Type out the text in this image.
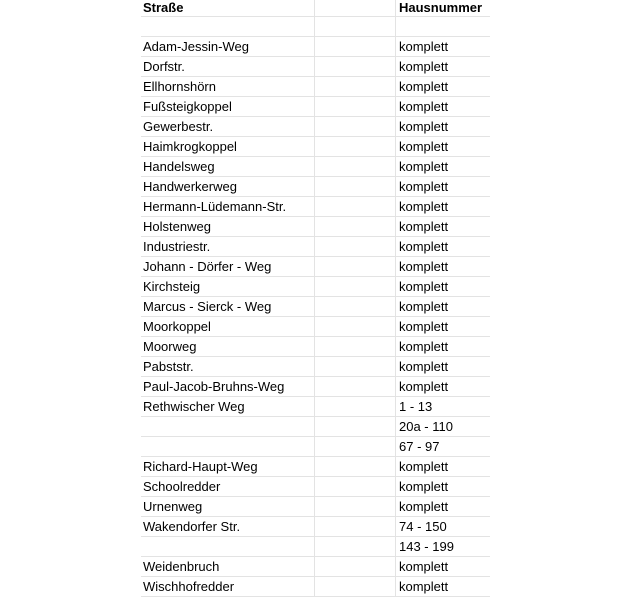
Straße	Hausnummer
Adam-Jessin-Weg	komplett
Dorfstr.	komplett
Ellhornshörn	komplett
Fußsteigkoppel	komplett
Gewerbestr.	komplett
Haimkrogkoppel	komplett
Handelsweg	komplett
Handwerkerweg	komplett
Hermann-Lüdemann-Str.	komplett
Holstenweg	komplett
Industriestr.	komplett
Johann - Dörfer - Weg	komplett
Kirchsteig	komplett
Marcus - Sierck - Weg	komplett
Moorkoppel	komplett
Moorweg	komplett
Pabststr.	komplett
Paul-Jacob-Bruhns-Weg	komplett
Rethwischer Weg	1 - 13
20a - 110
67 - 97
Richard-Haupt-Weg	komplett
Schoolredder	komplett
Urnenweg	komplett
Wakendorfer Str.	74 - 150
143 - 199
Weidenbruch	komplett
Wischhofredder	komplett
